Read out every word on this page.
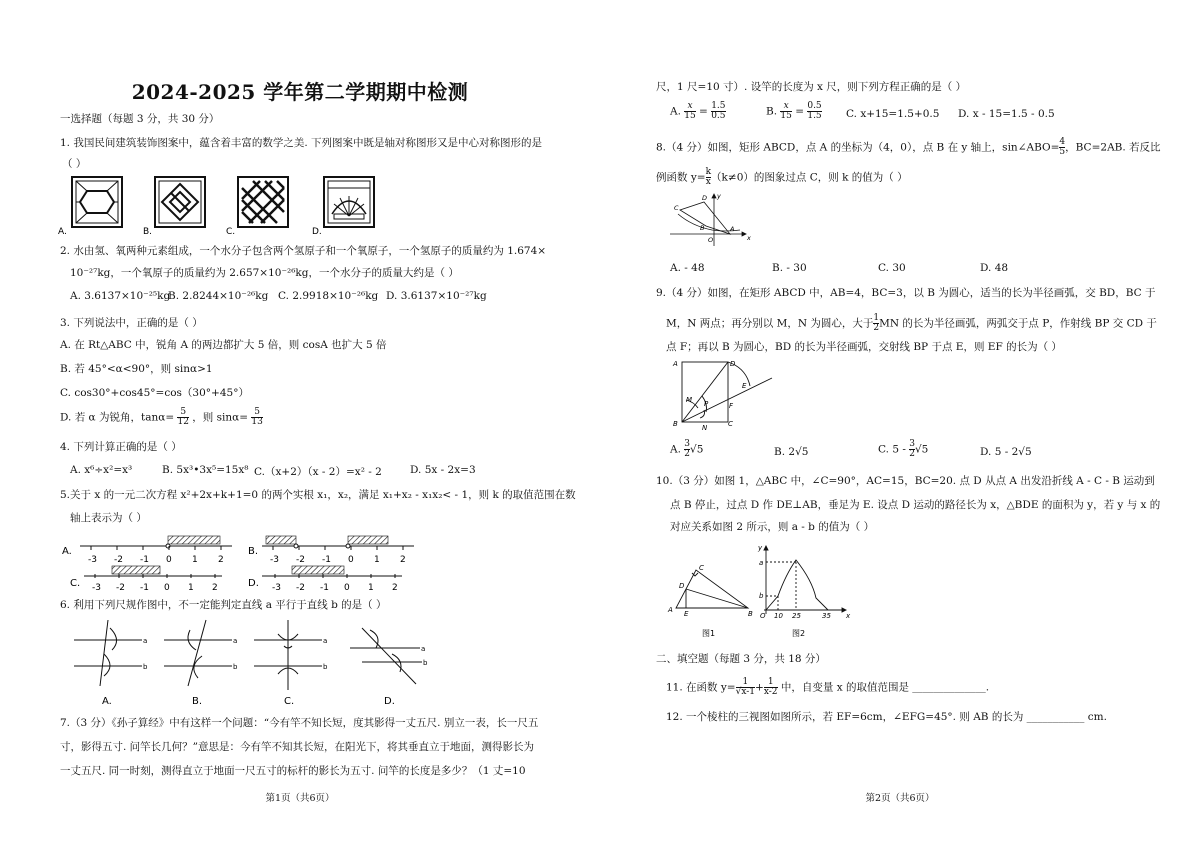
2024-2025 学年第二学期期中检测
一选择题（每题 3 分，共 30 分）
1. 我国民间建筑装饰图案中，蕴含着丰富的数学之美. 下列图案中既是轴对称图形又是中心对称图形的是
（ ）
A.	B.	C.	D.
2. 水由氢、氧两种元素组成，一个水分子包含两个氢原子和一个氧原子，一个氢原子的质量约为 1.674×
10⁻²⁷kg，一个氧原子的质量约为 2.657×10⁻²⁶kg，一个水分子的质量大约是（ ）
A. 3.6137×10⁻²⁵kg
B. 2.8244×10⁻²⁶kg C. 2.9918×10⁻²⁶kg D. 3.6137×10⁻²⁷kg
3. 下列说法中，正确的是（ ）
A. 在 Rt△ABC 中，锐角 A 的两边都扩大 5 倍，则 cosA 也扩大 5 倍
B. 若 45°<α<90°，则 sinα>1
C. cos30°+cos45°=cos（30°+45°）
D. 若 α 为锐角，$\tan\alpha= \frac{5}{12}$ ，则 $\sin\alpha= \frac{5}{13}$
4. 下列计算正确的是（ ）
A. x⁶÷x²=x³	B. 5x³•3x⁵=15x⁸ C.（x+2）（x - 2）=x² - 2	D. 5x - 2x=3
5.关于 x 的一元二次方程 x²+2x+k+1=0 的两个实根 x₁，x₂，满足 x₁+x₂ - x₁x₂< - 1，则 k 的取值范围在数
轴上表示为（ ）
A.	B.
C.	D.
-3 -2 -1 0 1 2	-3 -2 -1 0 1 2
-3 -2 -1 0 1 2	-3 -2 -1 0 1 2
6. 利用下列尺规作图中，不一定能判定直线 a 平行于直线 b 的是（ ）
a
b
a
b
a
b
a
b
A.	B.	C.	D.
7.（3 分）《孙子算经》中有这样一个问题：“今有竿不知长短，度其影得一丈五尺. 别立一表，长一尺五
寸，影得五寸. 问竿长几何？”意思是：今有竿不知其长短，在阳光下，将其垂直立于地面，测得影长为
一丈五尺. 同一时刻，测得直立于地面一尺五寸的标杆的影长为五寸. 问竿的长度是多少？（1 丈=10
第1页（共6页）
尺，1 尺=10 寸）. 设竿的长度为 x 尺，则下列方程正确的是（ ）
A. $\frac{x}{15} = \frac{1.5}{0.5}$	B. $\frac{x}{15} = \frac{0.5}{1.5} C$. x+15=1.5+0.5 D. x - 15=1.5 - 0.5
8.（4 分）如图，矩形 ABCD，点 A 的坐标为（4，0），点 B 在 y 轴上，sin∠ABO= $\frac{4}{5}$ ，BC=2AB. 若反比
例函数 $y= \frac{k}{x} (k\ne 0)$的图象过点 C，则 k 的值为（ ）
D
C
B
O
A
y
x
A. - 48	B. - 30	C. 30	D. 48
9.（4 分）如图，在矩形 ABCD 中，AB=4，BC=3，以 B 为圆心，适当的长为半径画弧，交 BD，BC 于
M，N 两点；再分别以 M，N 为圆心，大于 $\frac{1}{2}$ MN 的长为半径画弧，两弧交于点 P，作射线 BP 交 CD 于
点 F；再以 B 为圆心，BD 的长为半径画弧，交射线 BP 于点 E，则 EF 的长为（ ）
A	D
E
M P	F
B	N	C
A. $\frac{3}{2} √5$	B. 2√5	C. $5 - \frac{3}{2} √5$	D. 5 - 2√5
10.（3 分）如图 1，△ABC 中，∠C=90°，AC=15，BC=20. 点 D 从点 A 出发沿折线 A - C - B 运动到
点 B 停止，过点 D 作 DE⊥AB，垂足为 E. 设点 D 运动的路径长为 x，△BDE 的面积为 y，若 y 与 x 的
对应关系如图 2 所示，则 a - b 的值为（ ）
C
D
A E	B
图1
y
a
b
O 10 25	35 x
图2
二、填空题（每题 3 分，共 18 分）
11. 在函数 $y= \frac{1}{√x-1} + \frac{1}{x-2}$ 中，自变量 x 的取值范围是 ______________.
12. 一个棱柱的三视图如图所示，若 EF=6cm，∠EFG=45°. 则 AB 的长为 ___________ cm.
第2页（共6页）
